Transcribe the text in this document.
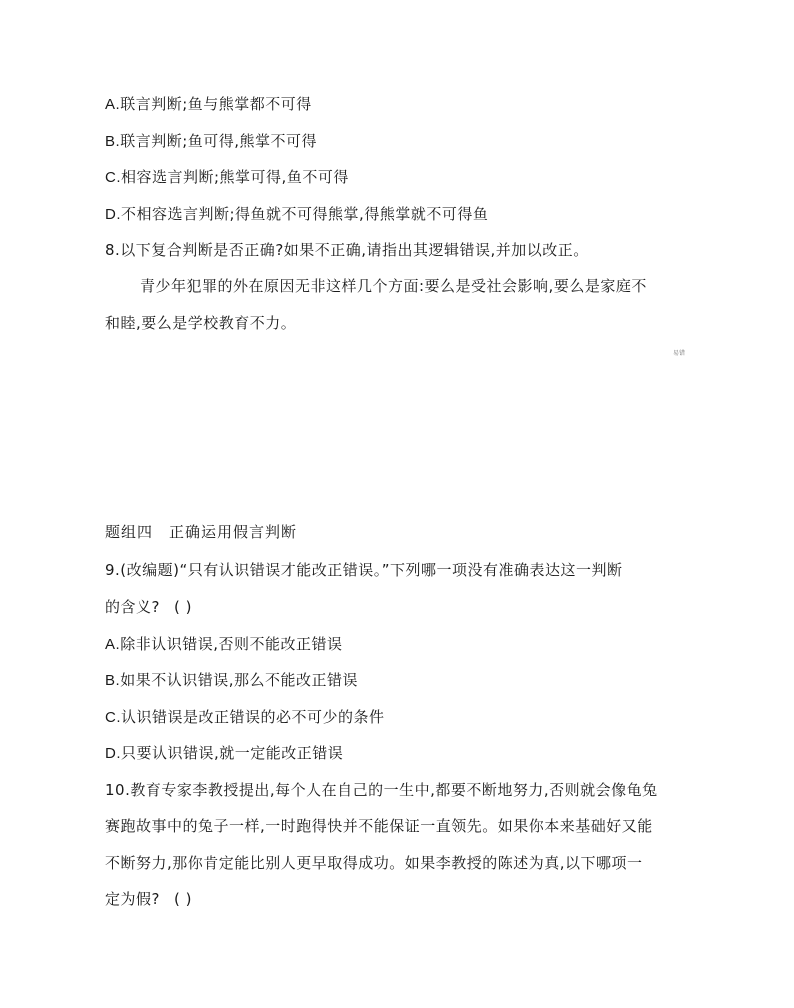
A.联言判断;鱼与熊掌都不可得
B.联言判断;鱼可得,熊掌不可得
C.相容选言判断;熊掌可得,鱼不可得
D.不相容选言判断;得鱼就不可得熊掌,得熊掌就不可得鱼
8.以下复合判断是否正确?如果不正确,请指出其逻辑错误,并加以改正。
青少年犯罪的外在原因无非这样几个方面:要么是受社会影响,要么是家庭不
和睦,要么是学校教育不力。
易错
题组四 正确运用假言判断
9.(改编题)“只有认识错误才能改正错误。”下列哪一项没有准确表达这一判断
的含义? ( )
A.除非认识错误,否则不能改正错误
B.如果不认识错误,那么不能改正错误
C.认识错误是改正错误的必不可少的条件
D.只要认识错误,就一定能改正错误
10.教育专家李教授提出,每个人在自己的一生中,都要不断地努力,否则就会像龟兔
赛跑故事中的兔子一样,一时跑得快并不能保证一直领先。如果你本来基础好又能
不断努力,那你肯定能比别人更早取得成功。如果李教授的陈述为真,以下哪项一
定为假? ( )
